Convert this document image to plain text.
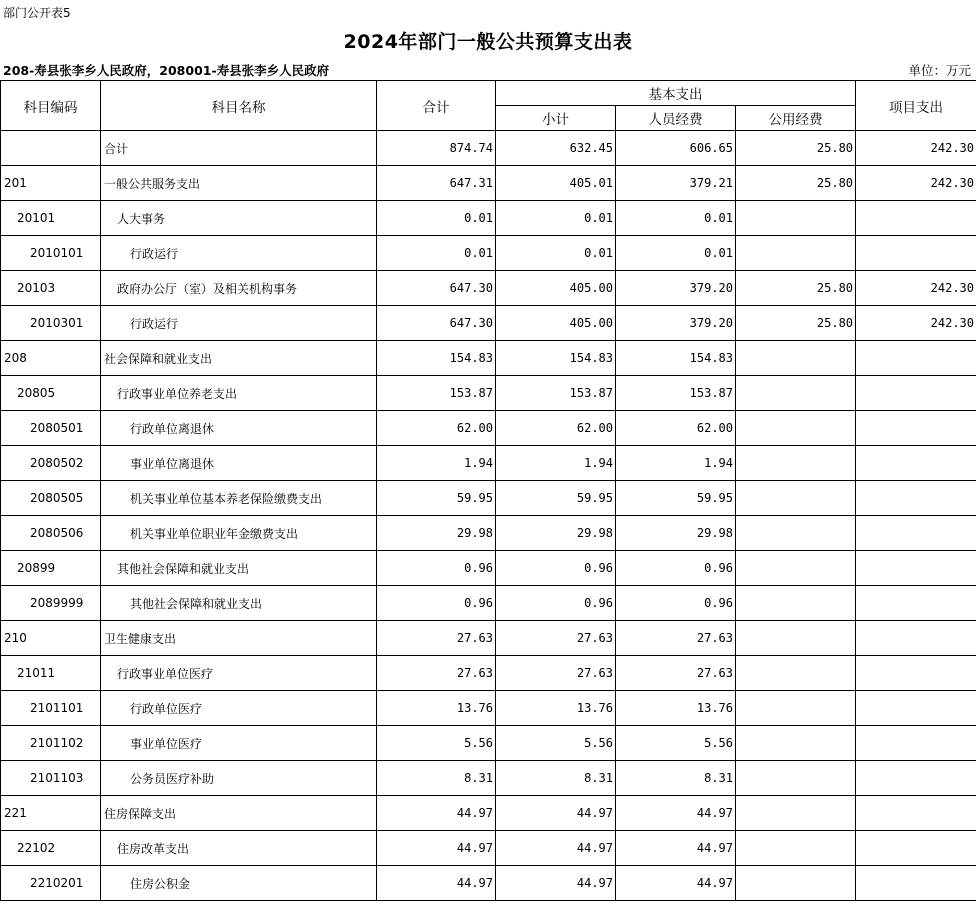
部门公开表5
2024年部门一般公共预算支出表
208-寿县张李乡人民政府，208001-寿县张李乡人民政府	单位：万元
科目编码	科目名称	合计	基本支出			项目支出
			小计	人员经费	公用经费	
	合计	874.74	632.45	606.65	25.80	242.30
201	一般公共服务支出	647.31	405.01	379.21	25.80	242.30
20101	人大事务	0.01	0.01	0.01		
2010101	行政运行	0.01	0.01	0.01		
20103	政府办公厅（室）及相关机构事务	647.30	405.00	379.20	25.80	242.30
2010301	行政运行	647.30	405.00	379.20	25.80	242.30
208	社会保障和就业支出	154.83	154.83	154.83		
20805	行政事业单位养老支出	153.87	153.87	153.87		
2080501	行政单位离退休	62.00	62.00	62.00		
2080502	事业单位离退休	1.94	1.94	1.94		
2080505	机关事业单位基本养老保险缴费支出	59.95	59.95	59.95		
2080506	机关事业单位职业年金缴费支出	29.98	29.98	29.98		
20899	其他社会保障和就业支出	0.96	0.96	0.96		
2089999	其他社会保障和就业支出	0.96	0.96	0.96		
210	卫生健康支出	27.63	27.63	27.63		
21011	行政事业单位医疗	27.63	27.63	27.63		
2101101	行政单位医疗	13.76	13.76	13.76		
2101102	事业单位医疗	5.56	5.56	5.56		
2101103	公务员医疗补助	8.31	8.31	8.31		
221	住房保障支出	44.97	44.97	44.97		
22102	住房改革支出	44.97	44.97	44.97		
2210201	住房公积金	44.97	44.97	44.97		
